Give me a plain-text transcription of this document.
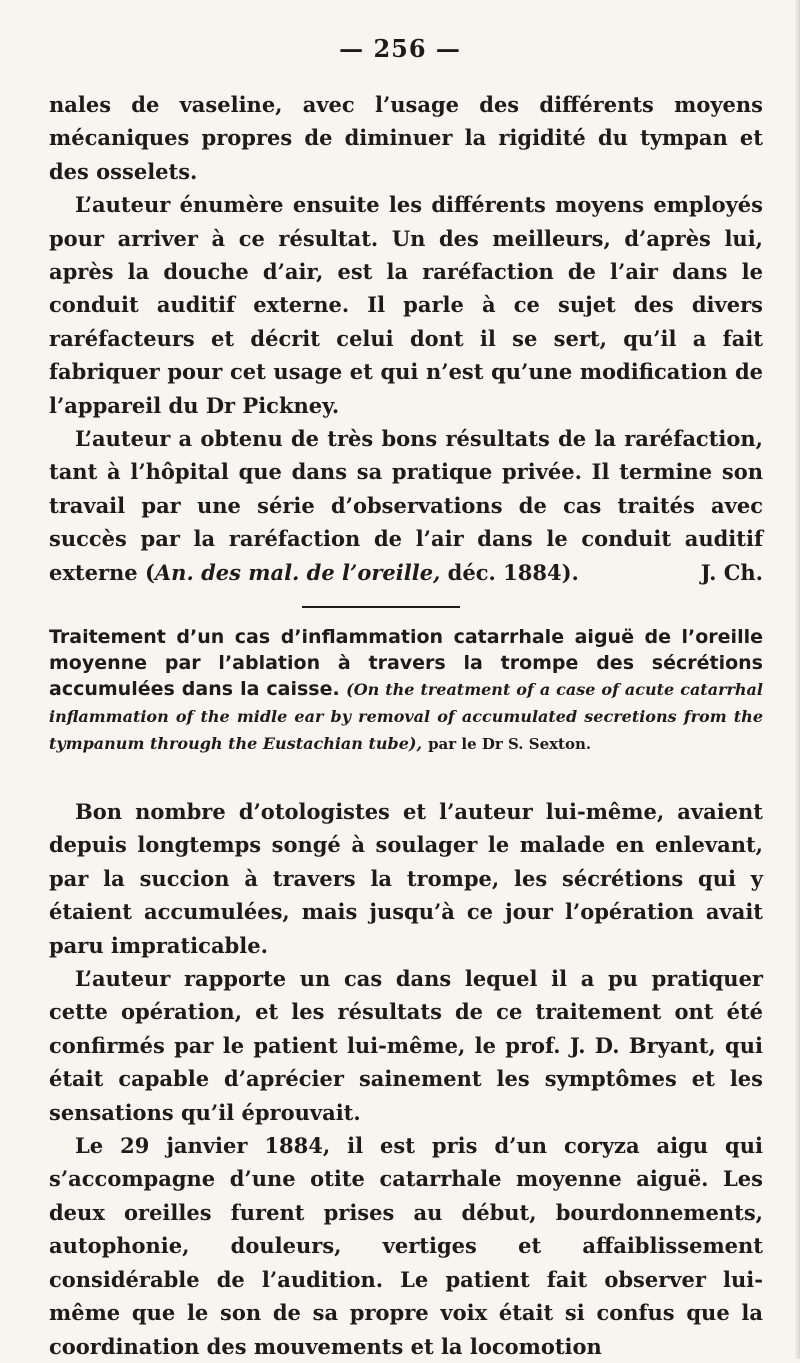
— 256 —

nales de vaseline, avec l’usage des différents moyens mécaniques propres de diminuer la rigidité du tympan et des osselets.

L’auteur énumère ensuite les différents moyens employés pour arriver à ce résultat. Un des meilleurs, d’après lui, après la douche d’air, est la raréfaction de l’air dans le conduit auditif externe. Il parle à ce sujet des divers raréfacteurs et décrit celui dont il se sert, qu’il a fait fabriquer pour cet usage et qui n’est qu’une modification de l’appareil du Dr Pickney.

L’auteur a obtenu de très bons résultats de la raréfaction, tant à l’hôpital que dans sa pratique privée. Il termine son travail par une série d’observations de cas traités avec succès par la raréfaction de l’air dans le conduit auditif externe (An. des mal. de l’oreille, déc. 1884).	J. Ch.

Traitement d’un cas d’inflammation catarrhale aiguë de l’oreille moyenne par l’ablation à travers la trompe des sécrétions accumulées dans la caisse. (On the treatment of a case of acute catarrhal inflammation of the midle ear by removal of accumulated secretions from the tympanum through the Eustachian tube), par le Dr S. Sexton.

Bon nombre d’otologistes et l’auteur lui-même, avaient depuis longtemps songé à soulager le malade en enlevant, par la succion à travers la trompe, les sécrétions qui y étaient accumulées, mais jusqu’à ce jour l’opération avait paru impraticable.

L’auteur rapporte un cas dans lequel il a pu pratiquer cette opération, et les résultats de ce traitement ont été confirmés par le patient lui-même, le prof. J. D. Bryant, qui était capable d’aprécier sainement les symptômes et les sensations qu’il éprouvait.

Le 29 janvier 1884, il est pris d’un coryza aigu qui s’accompagne d’une otite catarrhale moyenne aiguë. Les deux oreilles furent prises au début, bourdonnements, autophonie, douleurs, vertiges et affaiblissement considérable de l’audition. Le patient fait observer lui-même que le son de sa propre voix était si confus que la coordination des mouvements et la locomotion
